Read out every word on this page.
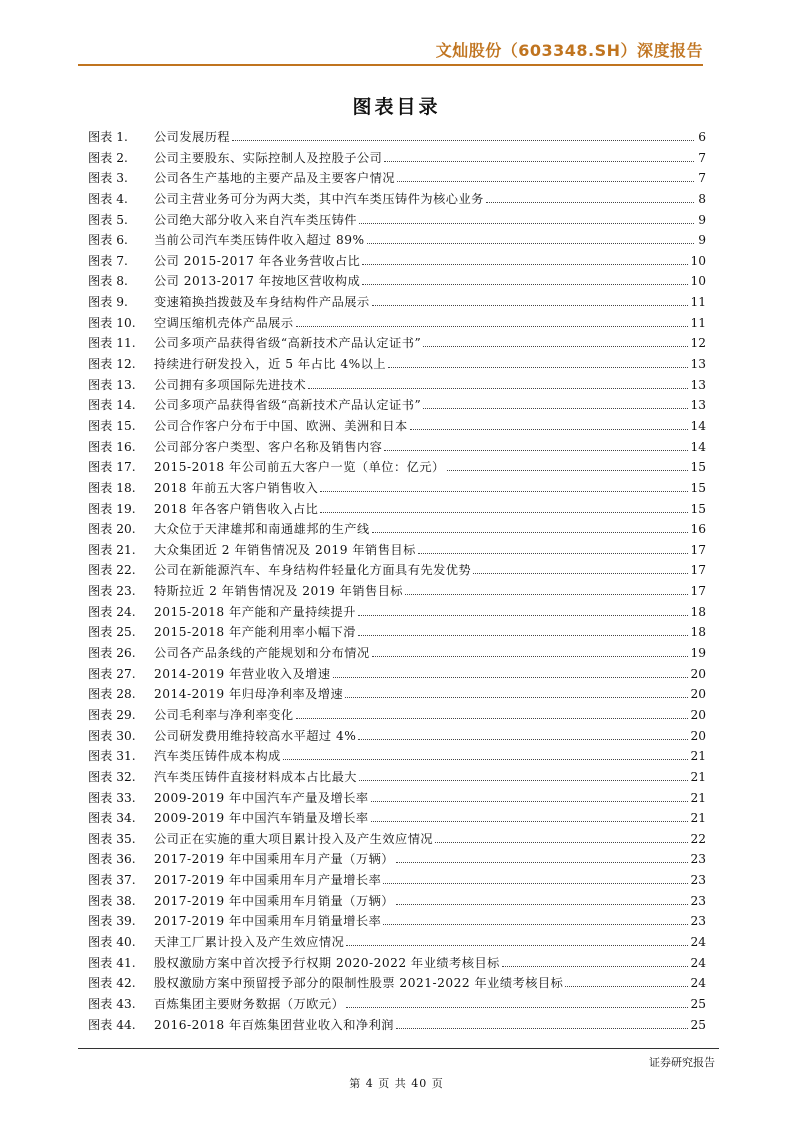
文灿股份（603348.SH）深度报告
图表目录
图表 1.	公司发展历程	6
图表 2.	公司主要股东、实际控制人及控股子公司	7
图表 3.	公司各生产基地的主要产品及主要客户情况	7
图表 4.	公司主营业务可分为两大类，其中汽车类压铸件为核心业务	8
图表 5.	公司绝大部分收入来自汽车类压铸件	9
图表 6.	当前公司汽车类压铸件收入超过 89%	9
图表 7.	公司 2015-2017 年各业务营收占比	10
图表 8.	公司 2013-2017 年按地区营收构成	10
图表 9.	变速箱换挡拨鼓及车身结构件产品展示	11
图表 10.	空调压缩机壳体产品展示	11
图表 11.	公司多项产品获得省级“高新技术产品认定证书”	12
图表 12.	持续进行研发投入，近 5 年占比 4%以上	13
图表 13.	公司拥有多项国际先进技术	13
图表 14.	公司多项产品获得省级“高新技术产品认定证书”	13
图表 15.	公司合作客户分布于中国、欧洲、美洲和日本	14
图表 16.	公司部分客户类型、客户名称及销售内容	14
图表 17.	2015-2018 年公司前五大客户一览（单位：亿元）	15
图表 18.	2018 年前五大客户销售收入	15
图表 19.	2018 年各客户销售收入占比	15
图表 20.	大众位于天津雄邦和南通雄邦的生产线	16
图表 21.	大众集团近 2 年销售情况及 2019 年销售目标	17
图表 22.	公司在新能源汽车、车身结构件轻量化方面具有先发优势	17
图表 23.	特斯拉近 2 年销售情况及 2019 年销售目标	17
图表 24.	2015-2018 年产能和产量持续提升	18
图表 25.	2015-2018 年产能利用率小幅下滑	18
图表 26.	公司各产品条线的产能规划和分布情况	19
图表 27.	2014-2019 年营业收入及增速	20
图表 28.	2014-2019 年归母净利率及增速	20
图表 29.	公司毛利率与净利率变化	20
图表 30.	公司研发费用维持较高水平超过 4%	20
图表 31.	汽车类压铸件成本构成	21
图表 32.	汽车类压铸件直接材料成本占比最大	21
图表 33.	2009-2019 年中国汽车产量及增长率	21
图表 34.	2009-2019 年中国汽车销量及增长率	21
图表 35.	公司正在实施的重大项目累计投入及产生效应情况	22
图表 36.	2017-2019 年中国乘用车月产量（万辆）	23
图表 37.	2017-2019 年中国乘用车月产量增长率	23
图表 38.	2017-2019 年中国乘用车月销量（万辆）	23
图表 39.	2017-2019 年中国乘用车月销量增长率	23
图表 40.	天津工厂累计投入及产生效应情况	24
图表 41.	股权激励方案中首次授予行权期 2020-2022 年业绩考核目标	24
图表 42.	股权激励方案中预留授予部分的限制性股票 2021-2022 年业绩考核目标	24
图表 43.	百炼集团主要财务数据（万欧元）	25
图表 44.	2016-2018 年百炼集团营业收入和净利润	25
证券研究报告
第 4 页 共 40 页
